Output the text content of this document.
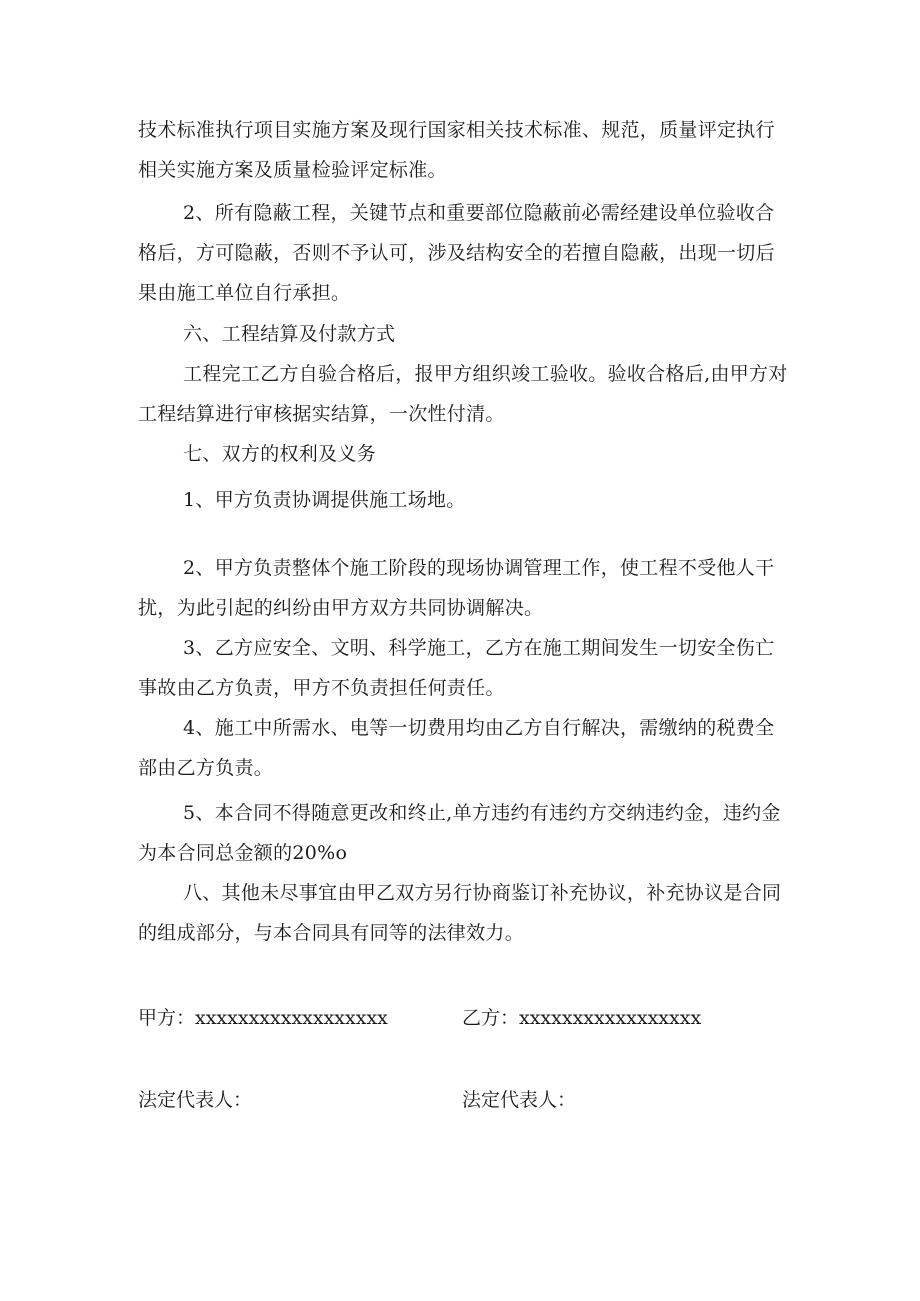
技术标准执行项目实施方案及现行国家相关技术标准、规范，质量评定执行相关实施方案及质量检验评定标准。

2、所有隐蔽工程，关键节点和重要部位隐蔽前必需经建设单位验收合格后，方可隐蔽，否则不予认可，涉及结构安全的若擅自隐蔽，出现一切后果由施工单位自行承担。

六、工程结算及付款方式

工程完工乙方自验合格后，报甲方组织竣工验收。验收合格后,由甲方对工程结算进行审核据实结算，一次性付清。

七、双方的权利及义务

1、甲方负责协调提供施工场地。

2、甲方负责整体个施工阶段的现场协调管理工作，使工程不受他人干扰，为此引起的纠纷由甲方双方共同协调解决。

3、乙方应安全、文明、科学施工，乙方在施工期间发生一切安全伤亡事故由乙方负责，甲方不负责担任何责任。

4、施工中所需水、电等一切费用均由乙方自行解决，需缴纳的税费全部由乙方负责。

5、本合同不得随意更改和终止,单方违约有违约方交纳违约金，违约金为本合同总金额的20%o

八、其他未尽事宜由甲乙双方另行协商鉴订补充协议，补充协议是合同的组成部分，与本合同具有同等的法律效力。

甲方：xxxxxxxxxxxxxxxxxx	乙方：xxxxxxxxxxxxxxxxx

法定代表人：	法定代表人：
